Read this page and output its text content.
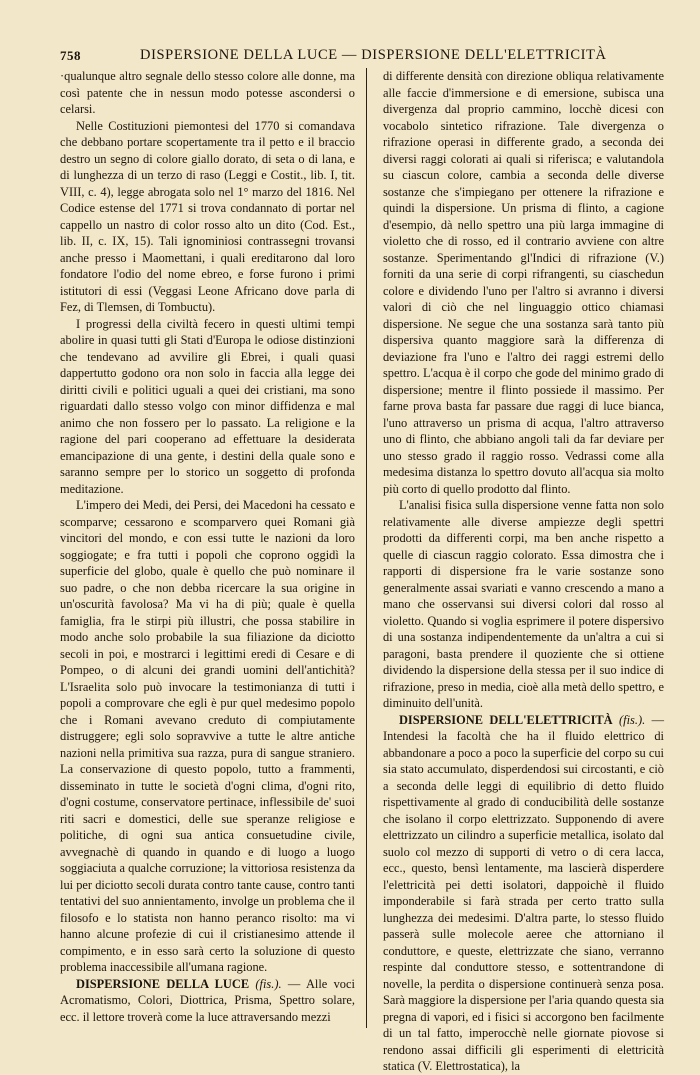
758	DISPERSIONE DELLA LUCE — DISPERSIONE DELL'ELETTRICITÀ

·qualunque altro segnale dello stesso colore alle donne, ma così patente che in nessun modo potesse ascondersi o celarsi.

Nelle Costituzioni piemontesi del 1770 si comandava che debbano portare scopertamente tra il petto e il braccio destro un segno di colore giallo dorato, di seta o di lana, e di lunghezza di un terzo di raso (Leggi e Costit., lib. I, tit. VIII, c. 4), legge abrogata solo nel 1° marzo del 1816. Nel Codice estense del 1771 si trova condannato di portar nel cappello un nastro di color rosso alto un dito (Cod. Est., lib. II, c. IX, 15). Tali ignominiosi contrassegni trovansi anche presso i Maomettani, i quali ereditarono dal loro fondatore l'odio del nome ebreo, e forse furono i primi istitutori di essi (Veggasi Leone Africano dove parla di Fez, di Tlemsen, di Tombuctu).

I progressi della civiltà fecero in questi ultimi tempi abolire in quasi tutti gli Stati d'Europa le odiose distinzioni che tendevano ad avvilire gli Ebrei, i quali quasi dappertutto godono ora non solo in faccia alla legge dei diritti civili e politici uguali a quei dei cristiani, ma sono riguardati dallo stesso volgo con minor diffidenza e mal animo che non fossero per lo passato. La religione e la ragione del pari cooperano ad effettuare la desiderata emancipazione di una gente, i destini della quale sono e saranno sempre per lo storico un soggetto di profonda meditazione.

L'impero dei Medi, dei Persi, dei Macedoni ha cessato e scomparve; cessarono e scomparvero quei Romani già vincitori del mondo, e con essi tutte le nazioni da loro soggiogate; e fra tutti i popoli che coprono oggidì la superficie del globo, quale è quello che può nominare il suo padre, o che non debba ricercare la sua origine in un'oscurità favolosa? Ma vi ha di più; quale è quella famiglia, fra le stirpi più illustri, che possa stabilire in modo anche solo probabile la sua filiazione da diciotto secoli in poi, e mostrarci i legittimi eredi di Cesare e di Pompeo, o di alcuni dei grandi uomini dell'antichità? L'Israelita solo può invocare la testimonianza di tutti i popoli a comprovare che egli è pur quel medesimo popolo che i Romani avevano creduto di compiutamente distruggere; egli solo sopravvive a tutte le altre antiche nazioni nella primitiva sua razza, pura di sangue straniero. La conservazione di questo popolo, tutto a frammenti, disseminato in tutte le società d'ogni clima, d'ogni rito, d'ogni costume, conservatore pertinace, inflessibile de' suoi riti sacri e domestici, delle sue speranze religiose e politiche, di ogni sua antica consuetudine civile, avvegnachè di quando in quando e di luogo a luogo soggiaciuta a qualche corruzione; la vittoriosa resistenza da lui per diciotto secoli durata contro tante cause, contro tanti tentativi del suo annientamento, involge un problema che il filosofo e lo statista non hanno peranco risolto: ma vi hanno alcune profezie di cui il cristianesimo attende il compimento, e in esso sarà certo la soluzione di questo problema inaccessibile all'umana ragione.

DISPERSIONE DELLA LUCE (fis.). — Alle voci Acromatismo, Colori, Diottrica, Prisma, Spettro solare, ecc. il lettore troverà come la luce attraversando mezzi

di differente densità con direzione obliqua relativamente alle faccie d'immersione e di emersione, subisca una divergenza dal proprio cammino, locchè dicesi con vocabolo sintetico rifrazione. Tale divergenza o rifrazione operasi in differente grado, a seconda dei diversi raggi colorati ai quali si riferisca; e valutandola su ciascun colore, cambia a seconda delle diverse sostanze che s'impiegano per ottenere la rifrazione e quindi la dispersione. Un prisma di flinto, a cagione d'esempio, dà nello spettro una più larga immagine di violetto che di rosso, ed il contrario avviene con altre sostanze. Sperimentando gl'Indici di rifrazione (V.) forniti da una serie di corpi rifrangenti, su ciaschedun colore e dividendo l'uno per l'altro si avranno i diversi valori di ciò che nel linguaggio ottico chiamasi dispersione. Ne segue che una sostanza sarà tanto più dispersiva quanto maggiore sarà la differenza di deviazione fra l'uno e l'altro dei raggi estremi dello spettro. L'acqua è il corpo che gode del minimo grado di dispersione; mentre il flinto possiede il massimo. Per farne prova basta far passare due raggi di luce bianca, l'uno attraverso un prisma di acqua, l'altro attraverso uno di flinto, che abbiano angoli tali da far deviare per uno stesso grado il raggio rosso. Vedrassi come alla medesima distanza lo spettro dovuto all'acqua sia molto più corto di quello prodotto dal flinto.

L'analisi fisica sulla dispersione venne fatta non solo relativamente alle diverse ampiezze degli spettri prodotti da differenti corpi, ma ben anche rispetto a quelle di ciascun raggio colorato. Essa dimostra che i rapporti di dispersione fra le varie sostanze sono generalmente assai svariati e vanno crescendo a mano a mano che osservansi sui diversi colori dal rosso al violetto. Quando si voglia esprimere il potere dispersivo di una sostanza indipendentemente da un'altra a cui si paragoni, basta prendere il quoziente che si ottiene dividendo la dispersione della stessa per il suo indice di rifrazione, preso in media, cioè alla metà dello spettro, e diminuito dell'unità.

DISPERSIONE DELL'ELETTRICITÀ (fis.). — Intendesi la facoltà che ha il fluido elettrico di abbandonare a poco a poco la superficie del corpo su cui sia stato accumulato, disperdendosi sui circostanti, e ciò a seconda delle leggi di equilibrio di detto fluido rispettivamente al grado di conducibilità delle sostanze che isolano il corpo elettrizzato. Supponendo di avere elettrizzato un cilindro a superficie metallica, isolato dal suolo col mezzo di supporti di vetro o di cera lacca, ecc., questo, bensì lentamente, ma lascierà disperdere l'elettricità pei detti isolatori, dappoichè il fluido imponderabile si farà strada per certo tratto sulla lunghezza dei medesimi. D'altra parte, lo stesso fluido passerà sulle molecole aeree che attorniano il conduttore, e queste, elettrizzate che siano, verranno respinte dal conduttore stesso, e sottentrandone di novelle, la perdita o dispersione continuerà senza posa. Sarà maggiore la dispersione per l'aria quando questa sia pregna di vapori, ed i fisici si accorgono ben facilmente di un tal fatto, imperocchè nelle giornate piovose si rendono assai difficili gli esperimenti di elettricità statica (V. Elettrostatica), la
